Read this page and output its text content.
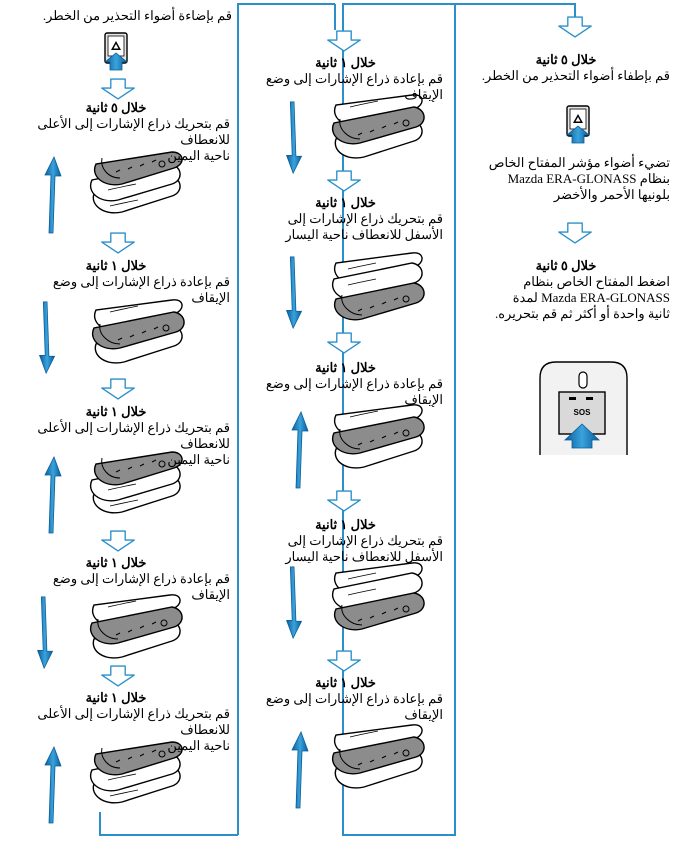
SOS
قم بإضاءة أضواء التحذير من الخطر.
خلال ٥ ثانية
قم بتحريك ذراع الإشارات إلى الأعلى للانعطاف
ناحية اليمين
خلال ١ ثانية
قم بإعادة ذراع الإشارات إلى وضع
الإيقاف
خلال ١ ثانية
قم بتحريك ذراع الإشارات إلى الأعلى للانعطاف
ناحية اليمين
خلال ١ ثانية
قم بإعادة ذراع الإشارات إلى وضع
الإيقاف
خلال ١ ثانية
قم بتحريك ذراع الإشارات إلى الأعلى للانعطاف
ناحية اليمين
خلال ١ ثانية
قم بإعادة ذراع الإشارات إلى وضع
الإيقاف
خلال ١ ثانية
قم بتحريك ذراع الإشارات إلى
الأسفل للانعطاف ناحية اليسار
خلال ١ ثانية
قم بإعادة ذراع الإشارات إلى وضع
الإيقاف
خلال ١ ثانية
قم بتحريك ذراع الإشارات إلى
الأسفل للانعطاف ناحية اليسار
خلال ١ ثانية
قم بإعادة ذراع الإشارات إلى وضع
الإيقاف
خلال ٥ ثانية
قم بإطفاء أضواء التحذير من الخطر.
تضيء أضواء مؤشر المفتاح الخاص
بنظام Mazda ERA-GLONASS
بلونيها الأحمر والأخضر
خلال ٥ ثانية
اضغط المفتاح الخاص بنظام
Mazda ERA-GLONASS لمدة
ثانية واحدة أو أكثر ثم قم بتحريره.
